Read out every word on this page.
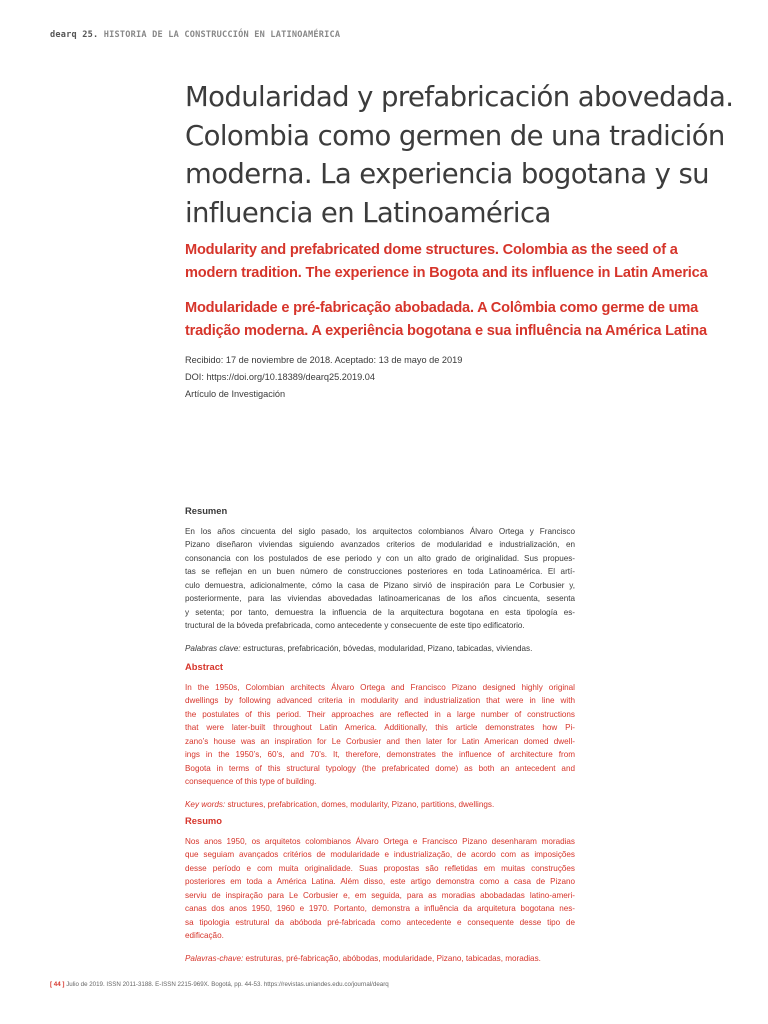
dearq 25. HISTORIA DE LA CONSTRUCCIÓN EN LATINOAMÉRICA
Modularidad y prefabricación abovedada.
Colombia como germen de una tradición
moderna. La experiencia bogotana y su
influencia en Latinoamérica
Modularity and prefabricated dome structures. Colombia as the seed of a
modern tradition. The experience in Bogota and its influence in Latin America
Modularidade e pré-fabricação abobadada. A Colômbia como germe de uma
tradição moderna. A experiência bogotana e sua influência na América Latina
Recibido: 17 de noviembre de 2018. Aceptado: 13 de mayo de 2019
DOI: https://doi.org/10.18389/dearq25.2019.04
Artículo de Investigación
Resumen

En los años cincuenta del siglo pasado, los arquitectos colombianos Álvaro Ortega y Francisco
Pizano diseñaron viviendas siguiendo avanzados criterios de modularidad e industrialización, en
consonancia con los postulados de ese periodo y con un alto grado de originalidad. Sus propues-
tas se reflejan en un buen número de construcciones posteriores en toda Latinoamérica. El artí-
culo demuestra, adicionalmente, cómo la casa de Pizano sirvió de inspiración para Le Corbusier y,
posteriormente, para las viviendas abovedadas latinoamericanas de los años cincuenta, sesenta
y setenta; por tanto, demuestra la influencia de la arquitectura bogotana en esta tipología es-
tructural de la bóveda prefabricada, como antecedente y consecuente de este tipo edificatorio.

Palabras clave: estructuras, prefabricación, bóvedas, modularidad, Pizano, tabicadas, viviendas.
Abstract

In the 1950s, Colombian architects Álvaro Ortega and Francisco Pizano designed highly original
dwellings by following advanced criteria in modularity and industrialization that were in line with
the postulates of this period. Their approaches are reflected in a large number of constructions
that were later-built throughout Latin America. Additionally, this article demonstrates how Pi-
zano’s house was an inspiration for Le Corbusier and then later for Latin American domed dwell-
ings in the 1950’s, 60’s, and 70’s. It, therefore, demonstrates the influence of architecture from
Bogota in terms of this structural typology (the prefabricated dome) as both an antecedent and
consequence of this type of building.

Key words: structures, prefabrication, domes, modularity, Pizano, partitions, dwellings.
Resumo

Nos anos 1950, os arquitetos colombianos Álvaro Ortega e Francisco Pizano desenharam moradias
que seguiam avançados critérios de modularidade e industrialização, de acordo com as imposições
desse período e com muita originalidade. Suas propostas são refletidas em muitas construções
posteriores em toda a América Latina. Além disso, este artigo demonstra como a casa de Pizano
serviu de inspiração para Le Corbusier e, em seguida, para as moradias abobadadas latino-ameri-
canas dos anos 1950, 1960 e 1970. Portanto, demonstra a influência da arquitetura bogotana nes-
sa tipologia estrutural da abóboda pré-fabricada como antecedente e consequente desse tipo de
edificação.

Palavras-chave: estruturas, pré-fabricação, abóbodas, modularidade, Pizano, tabicadas, moradias.
[ 44 ] Julio de 2019. ISSN 2011-3188. E-ISSN 2215-969X. Bogotá, pp. 44-53. https://revistas.uniandes.edu.co/journal/dearq
